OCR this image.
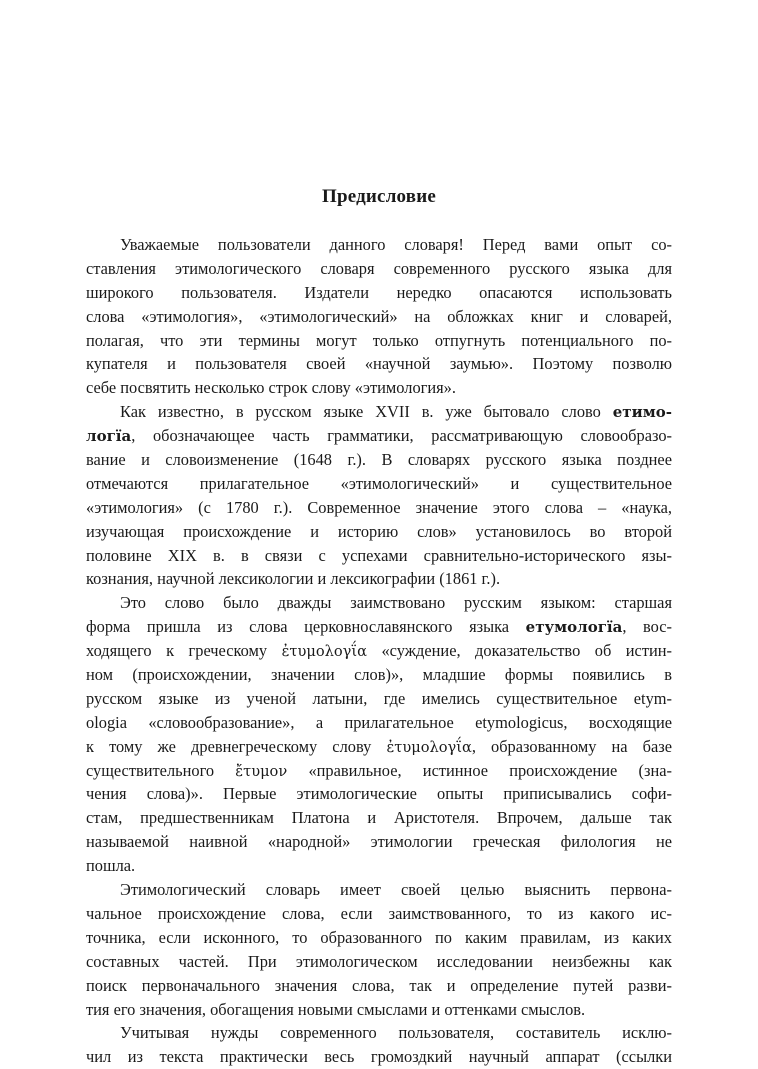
Предисловие
Уважаемые пользователи данного словаря! Перед вами опыт со-
ставления этимологического словаря современного русского языка для
широкого пользователя. Издатели нередко опасаются использовать
слова «этимология», «этимологический» на обложках книг и словарей,
полагая, что эти термины могут только отпугнуть потенциального по-
купателя и пользователя своей «научной заумью». Поэтому позволю
себе посвятить несколько строк слову «этимология».
Как известно, в русском языке XVII в. уже бытовало слово етимо-
логїа, обозначающее часть грамматики, рассматривающую словообразо-
вание и словоизменение (1648 г.). В словарях русского языка позднее
отмечаются прилагательное «этимологический» и существительное
«этимология» (с 1780 г.). Современное значение этого слова – «наука,
изучающая происхождение и историю слов» установилось во второй
половине XIX в. в связи с успехами сравнительно-исторического язы-
кознания, научной лексикологии и лексикографии (1861 г.).
Это слово было дважды заимствовано русским языком: старшая
форма пришла из слова церковнославянского языка етумологїа, вос-
ходящего к греческому ἐτυμολογΐα «суждение, доказательство об истин-
ном (происхождении, значении слов)», младшие формы появились в
русском языке из ученой латыни, где имелись существительное etym-
ologia «словообразование», а прилагательное etymologicus, восходящие
к тому же древнегреческому слову ἐτυμολογΐα, образованному на базе
существительного ἔτυμον «правильное, истинное происхождение (зна-
чения слова)». Первые этимологические опыты приписывались софи-
стам, предшественникам Платона и Аристотеля. Впрочем, дальше так
называемой наивной «народной» этимологии греческая филология не
пошла.
Этимологический словарь имеет своей целью выяснить первона-
чальное происхождение слова, если заимствованного, то из какого ис-
точника, если исконного, то образованного по каким правилам, из каких
составных частей. При этимологическом исследовании неизбежны как
поиск первоначального значения слова, так и определение путей разви-
тия его значения, обогащения новыми смыслами и оттенками смыслов.
Учитывая нужды современного пользователя, составитель исклю-
чил из текста практически весь громоздкий научный аппарат (ссылки
